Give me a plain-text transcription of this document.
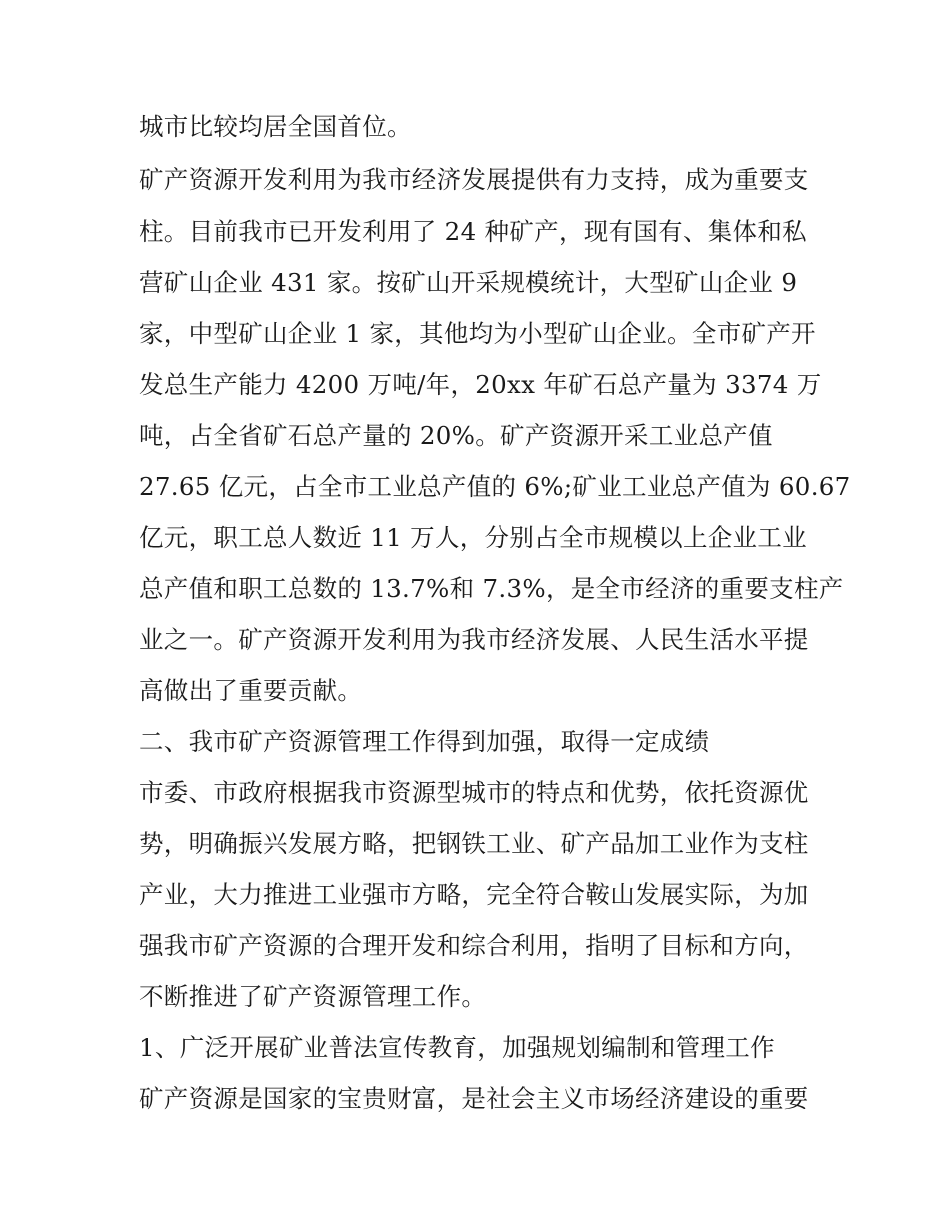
城市比较均居全国首位。
矿产资源开发利用为我市经济发展提供有力支持，成为重要支
柱。目前我市已开发利用了 24 种矿产，现有国有、集体和私
营矿山企业 431 家。按矿山开采规模统计，大型矿山企业 9
家，中型矿山企业 1 家，其他均为小型矿山企业。全市矿产开
发总生产能力 4200 万吨/年，20xx 年矿石总产量为 3374 万
吨，占全省矿石总产量的 20%。矿产资源开采工业总产值
27.65 亿元，占全市工业总产值的 6%;矿业工业总产值为 60.67
亿元，职工总人数近 11 万人，分别占全市规模以上企业工业
总产值和职工总数的 13.7%和 7.3%，是全市经济的重要支柱产
业之一。矿产资源开发利用为我市经济发展、人民生活水平提
高做出了重要贡献。
二、我市矿产资源管理工作得到加强，取得一定成绩
市委、市政府根据我市资源型城市的特点和优势，依托资源优
势，明确振兴发展方略，把钢铁工业、矿产品加工业作为支柱
产业，大力推进工业强市方略，完全符合鞍山发展实际，为加
强我市矿产资源的合理开发和综合利用，指明了目标和方向，
不断推进了矿产资源管理工作。
1、广泛开展矿业普法宣传教育，加强规划编制和管理工作
矿产资源是国家的宝贵财富，是社会主义市场经济建设的重要
